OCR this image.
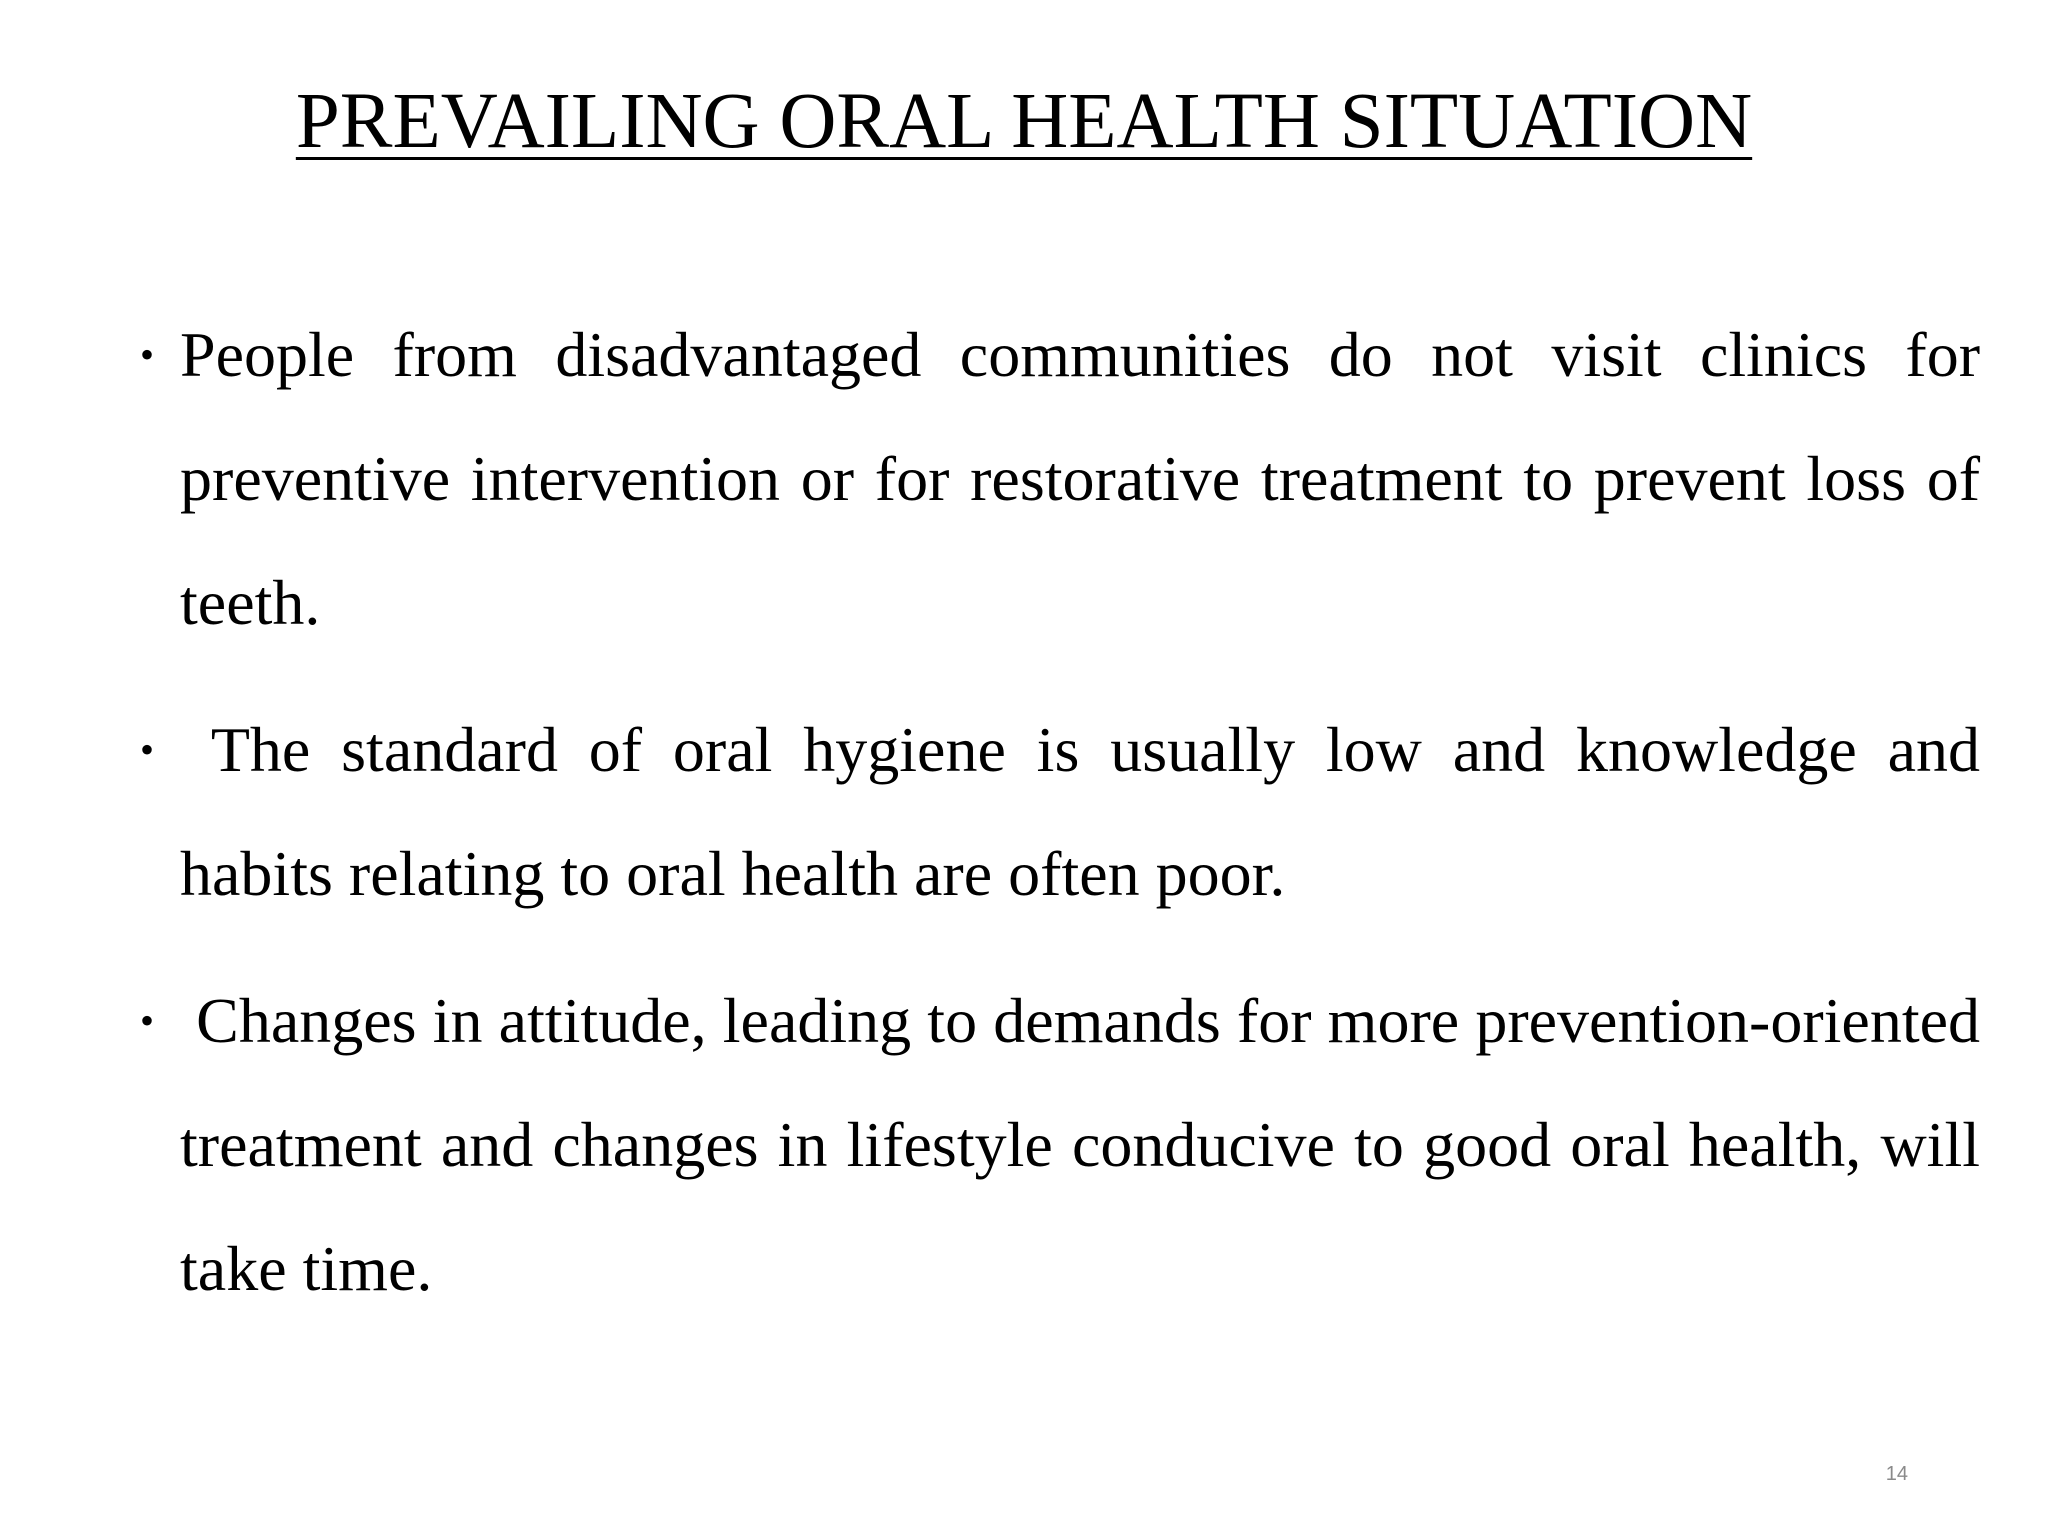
PREVAILING ORAL HEALTH SITUATION
• People from disadvantaged communities do not visit clinics for preventive intervention or for restorative treatment to prevent loss of teeth.
• The standard of oral hygiene is usually low and knowledge and habits relating to oral health are often poor.
• Changes in attitude, leading to demands for more prevention-oriented treatment and changes in lifestyle conducive to good oral health, will take time.
14
